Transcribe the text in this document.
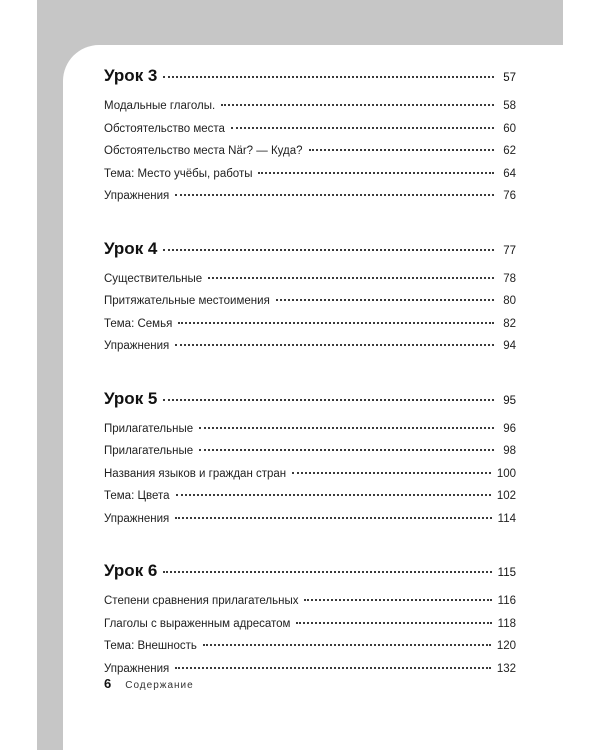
Урок 3	57
Модальные глаголы.	58
Обстоятельство места	60
Обстоятельство места När? — Куда?	62
Тема: Место учёбы, работы	64
Упражнения	76
Урок 4	77
Существительные	78
Притяжательные местоимения	80
Тема: Семья	82
Упражнения	94
Урок 5	95
Прилагательные	96
Прилагательные	98
Названия языков и граждан стран	100
Тема: Цвета	102
Упражнения	114
Урок 6	115
Степени сравнения прилагательных	116
Глаголы с выраженным адресатом	118
Тема: Внешность	120
Упражнения	132
6 Содержание
